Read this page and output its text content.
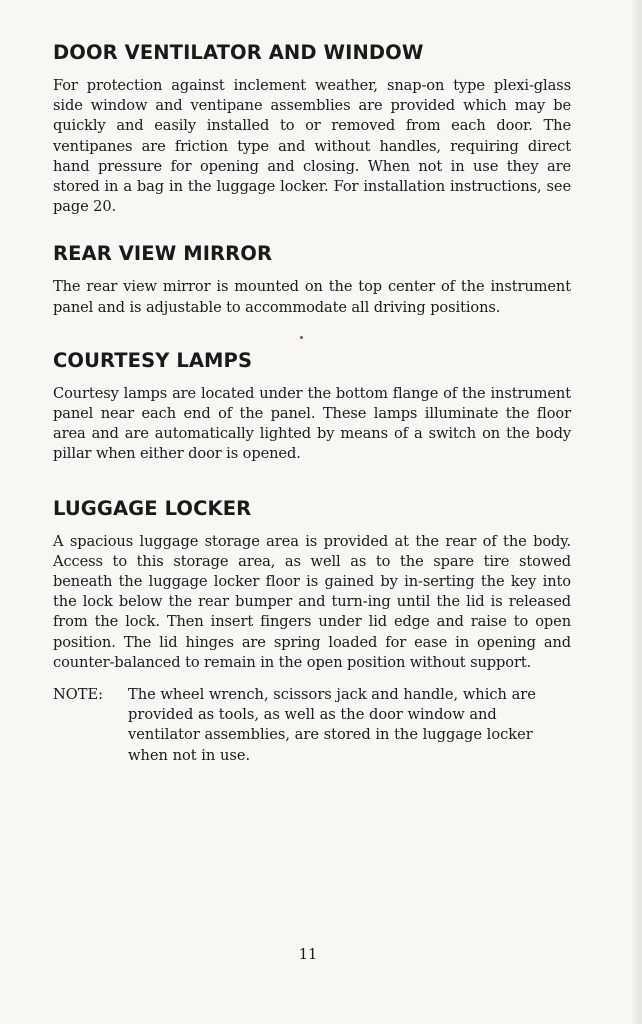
DOOR VENTILATOR AND WINDOW

For protection against inclement weather, snap-on type plexi-glass side window and ventipane assemblies are provided which may be quickly and easily installed to or removed from each door. The ventipanes are friction type and without handles, requiring direct hand pressure for opening and closing. When not in use they are stored in a bag in the luggage locker. For installation instructions, see page 20.

REAR VIEW MIRROR

The rear view mirror is mounted on the top center of the instrument panel and is adjustable to accommodate all driving positions.

COURTESY LAMPS

Courtesy lamps are located under the bottom flange of the instrument panel near each end of the panel. These lamps illuminate the floor area and are automatically lighted by means of a switch on the body pillar when either door is opened.

LUGGAGE LOCKER

A spacious luggage storage area is provided at the rear of the body. Access to this storage area, as well as to the spare tire stowed beneath the luggage locker floor is gained by in-serting the key into the lock below the rear bumper and turn-ing until the lid is released from the lock. Then insert fingers under lid edge and raise to open position. The lid hinges are spring loaded for ease in opening and counter-balanced to remain in the open position without support.

NOTE:	The wheel wrench, scissors jack and handle, which are provided as tools, as well as the door window and ventilator assemblies, are stored in the luggage locker when not in use.
11
